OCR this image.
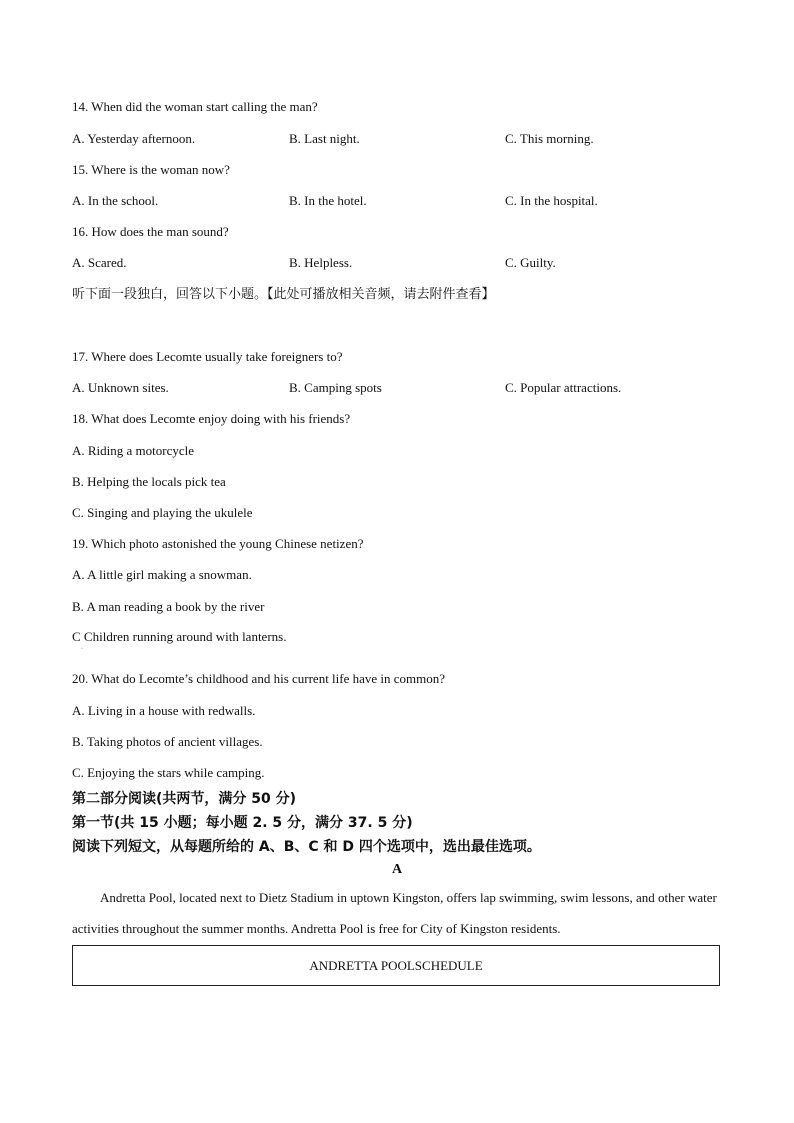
14. When did the woman start calling the man?
A. Yesterday afternoon.	B. Last night.	C. This morning.
15. Where is the woman now?
A. In the school.	B. In the hotel.	C. In the hospital.
16. How does the man sound?
A. Scared.	B. Helpless.	C. Guilty.
听下面一段独白，回答以下小题。【此处可播放相关音频，请去附件查看】
17. Where does Lecomte usually take foreigners to?
A. Unknown sites.	B. Camping spots	C. Popular attractions.
18. What does Lecomte enjoy doing with his friends?
A. Riding a motorcycle
B. Helping the locals pick tea
C. Singing and playing the ukulele
19. Which photo astonished the young Chinese netizen?
A. A little girl making a snowman.
B. A man reading a book by the river
C Children running around with lanterns.
·
20. What do Lecomte’s childhood and his current life have in common?
A. Living in a house with redwalls.
B. Taking photos of ancient villages.
C. Enjoying the stars while camping.
第二部分阅读(共两节，满分 50 分)
第一节(共 15 小题；每小题 2. 5 分，满分 37. 5 分)
阅读下列短文，从每题所给的 A、B、C 和 D 四个选项中，选出最佳选项。
A
Andretta Pool, located next to Dietz Stadium in uptown Kingston, offers lap swimming, swim lessons, and other water activities throughout the summer months. Andretta Pool is free for City of Kingston residents.
ANDRETTA POOLSCHEDULE
